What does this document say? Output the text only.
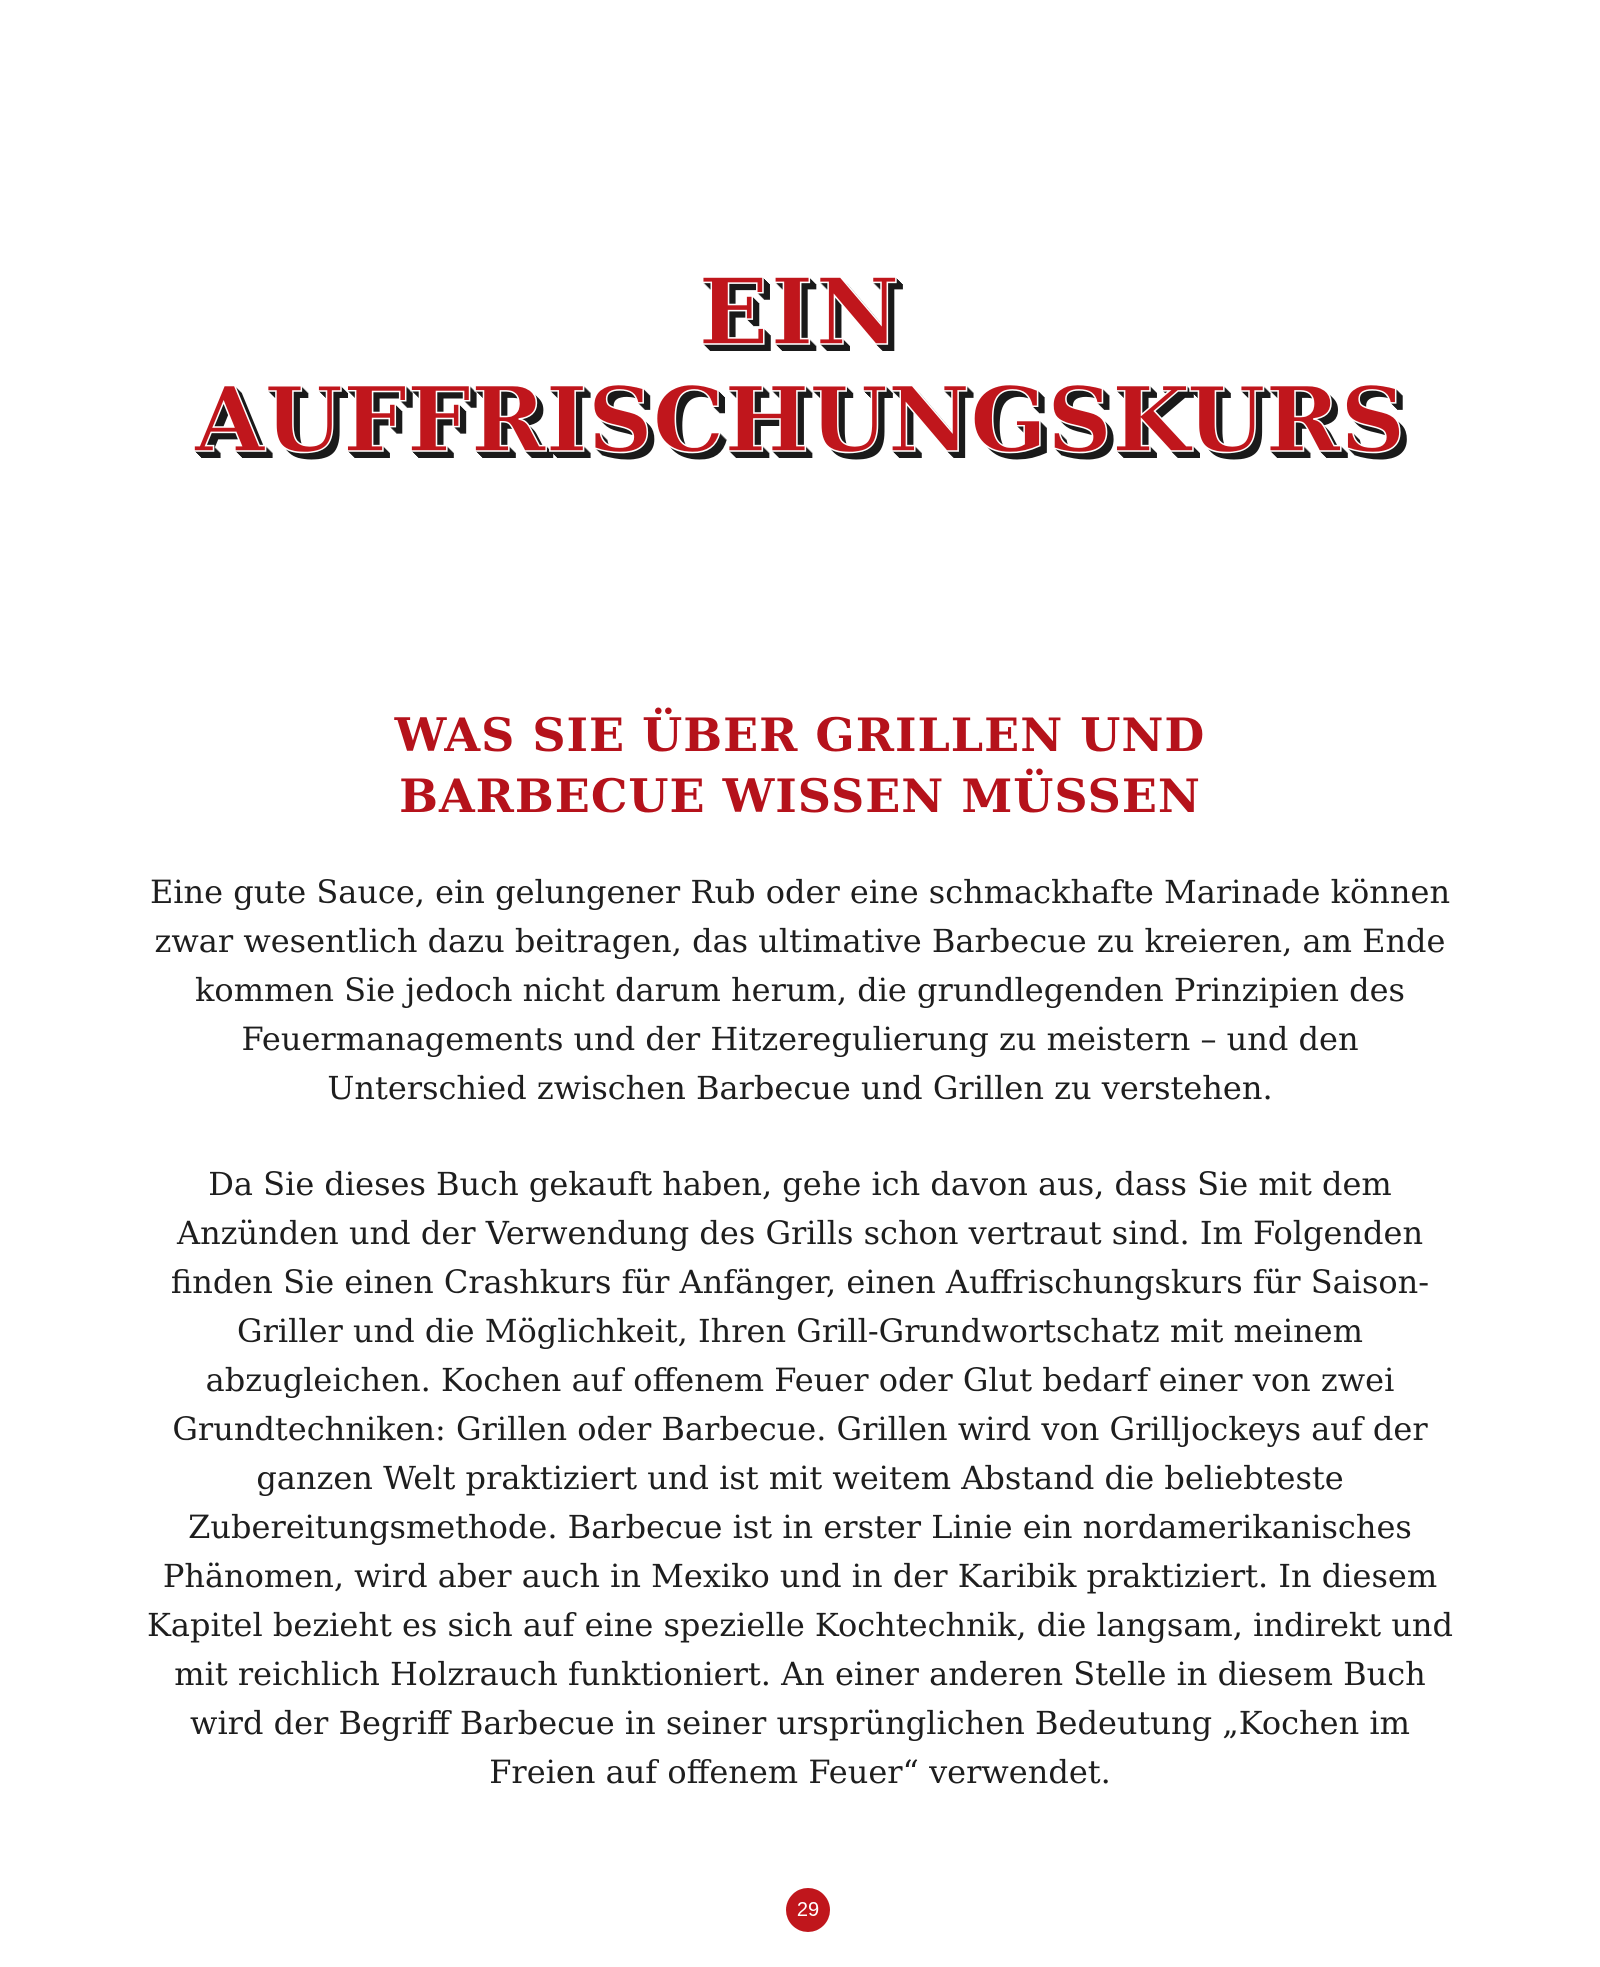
EIN
AUFFRISCHUNGSKURS
WAS SIE ÜBER GRILLEN UND
BARBECUE WISSEN MÜSSEN

Eine gute Sauce, ein gelungener Rub oder eine schmackhafte Marinade können
zwar wesentlich dazu beitragen, das ultimative Barbecue zu kreieren, am Ende
kommen Sie jedoch nicht darum herum, die grundlegenden Prinzipien des
Feuermanagements und der Hitzeregulierung zu meistern – und den
Unterschied zwischen Barbecue und Grillen zu verstehen.

Da Sie dieses Buch gekauft haben, gehe ich davon aus, dass Sie mit dem
Anzünden und der Verwendung des Grills schon vertraut sind. Im Folgenden
finden Sie einen Crashkurs für Anfänger, einen Auffrischungskurs für Saison-
Griller und die Möglichkeit, Ihren Grill-Grundwortschatz mit meinem
abzugleichen. Kochen auf offenem Feuer oder Glut bedarf einer von zwei
Grundtechniken: Grillen oder Barbecue. Grillen wird von Grilljockeys auf der
ganzen Welt praktiziert und ist mit weitem Abstand die beliebteste
Zubereitungsmethode. Barbecue ist in erster Linie ein nordamerikanisches
Phänomen, wird aber auch in Mexiko und in der Karibik praktiziert. In diesem
Kapitel bezieht es sich auf eine spezielle Kochtechnik, die langsam, indirekt und
mit reichlich Holzrauch funktioniert. An einer anderen Stelle in diesem Buch
wird der Begriff Barbecue in seiner ursprünglichen Bedeutung „Kochen im
Freien auf offenem Feuer“ verwendet.

29
